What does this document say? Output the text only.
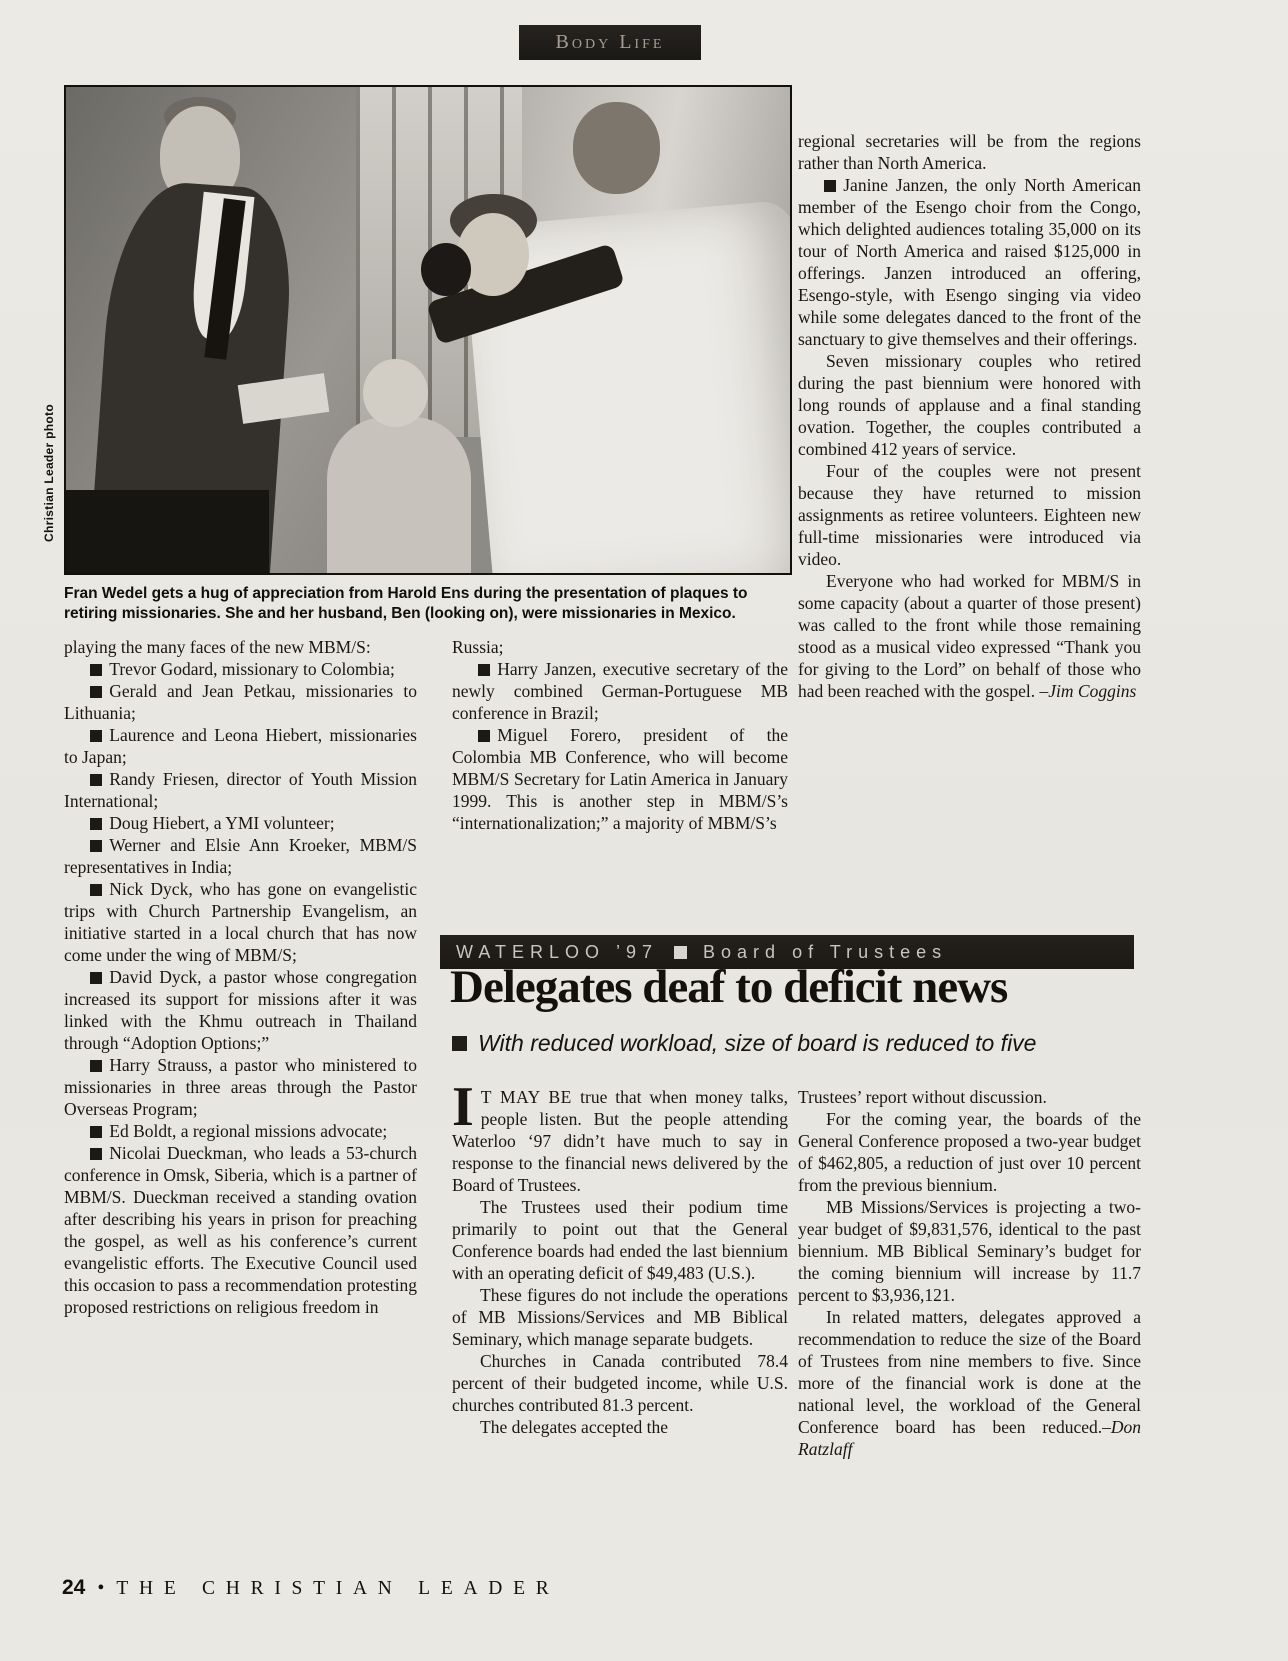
Body Life
Christian Leader photo
Fran Wedel gets a hug of appreciation from Harold Ens during the presentation of plaques to retiring missionaries. She and her husband, Ben (looking on), were missionaries in Mexico.

playing the many faces of the new MBM/S:

Trevor Godard, missionary to Colombia;

Gerald and Jean Petkau, missionaries to Lithuania;

Laurence and Leona Hiebert, missionaries to Japan;

Randy Friesen, director of Youth Mission International;

Doug Hiebert, a YMI volunteer;

Werner and Elsie Ann Kroeker, MBM/S representatives in India;

Nick Dyck, who has gone on evangelistic trips with Church Partnership Evangelism, an initiative started in a local church that has now come under the wing of MBM/S;

David Dyck, a pastor whose congregation increased its support for missions after it was linked with the Khmu outreach in Thailand through “Adoption Options;”

Harry Strauss, a pastor who ministered to missionaries in three areas through the Pastor Overseas Program;

Ed Boldt, a regional missions advocate;

Nicolai Dueckman, who leads a 53-church conference in Omsk, Siberia, which is a partner of MBM/S. Dueckman received a standing ovation after describing his years in prison for preaching the gospel, as well as his conference’s current evangelistic efforts. The Executive Council used this occasion to pass a recommendation protesting proposed restrictions on religious freedom in

Russia;

Harry Janzen, executive secretary of the newly combined German-Portuguese MB conference in Brazil;

Miguel Forero, president of the Colombia MB Conference, who will become MBM/S Secretary for Latin America in January 1999. This is another step in MBM/S’s “internationalization;” a majority of MBM/S’s

regional secretaries will be from the regions rather than North America.

Janine Janzen, the only North American member of the Esengo choir from the Congo, which delighted audiences totaling 35,000 on its tour of North America and raised $125,000 in offerings. Janzen introduced an offering, Esengo-style, with Esengo singing via video while some delegates danced to the front of the sanctuary to give themselves and their offerings.

Seven missionary couples who retired during the past biennium were honored with long rounds of applause and a final standing ovation. Together, the couples contributed a combined 412 years of service.

Four of the couples were not present because they have returned to mission assignments as retiree volunteers. Eighteen new full-time missionaries were introduced via video.

Everyone who had worked for MBM/S in some capacity (about a quarter of those present) was called to the front while those remaining stood as a musical video expressed “Thank you for giving to the Lord” on behalf of those who had been reached with the gospel. –Jim Coggins

WATERLOO ’97	Board of Trustees
Delegates deaf to deficit news
With reduced workload, size of board is reduced to five

I T MAY BE true that when money talks, people listen. But the people attending Waterloo ‘97 didn’t have much to say in response to the financial news delivered by the Board of Trustees.

The Trustees used their podium time primarily to point out that the General Conference boards had ended the last biennium with an operating deficit of $49,483 (U.S.).

These figures do not include the operations of MB Missions/Services and MB Biblical Seminary, which manage separate budgets.

Churches in Canada contributed 78.4 percent of their budgeted income, while U.S. churches contributed 81.3 percent.

The delegates accepted the

Trustees’ report without discussion.

For the coming year, the boards of the General Conference proposed a two-year budget of $462,805, a reduction of just over 10 percent from the previous biennium.

MB Missions/Services is projecting a two-year budget of $9,831,576, identical to the past biennium. MB Biblical Seminary’s budget for the coming biennium will increase by 11.7 percent to $3,936,121.

In related matters, delegates approved a recommendation to reduce the size of the Board of Trustees from nine members to five. Since more of the financial work is done at the national level, the workload of the General Conference board has been reduced.–Don Ratzlaff

24 • THE CHRISTIAN LEADER
